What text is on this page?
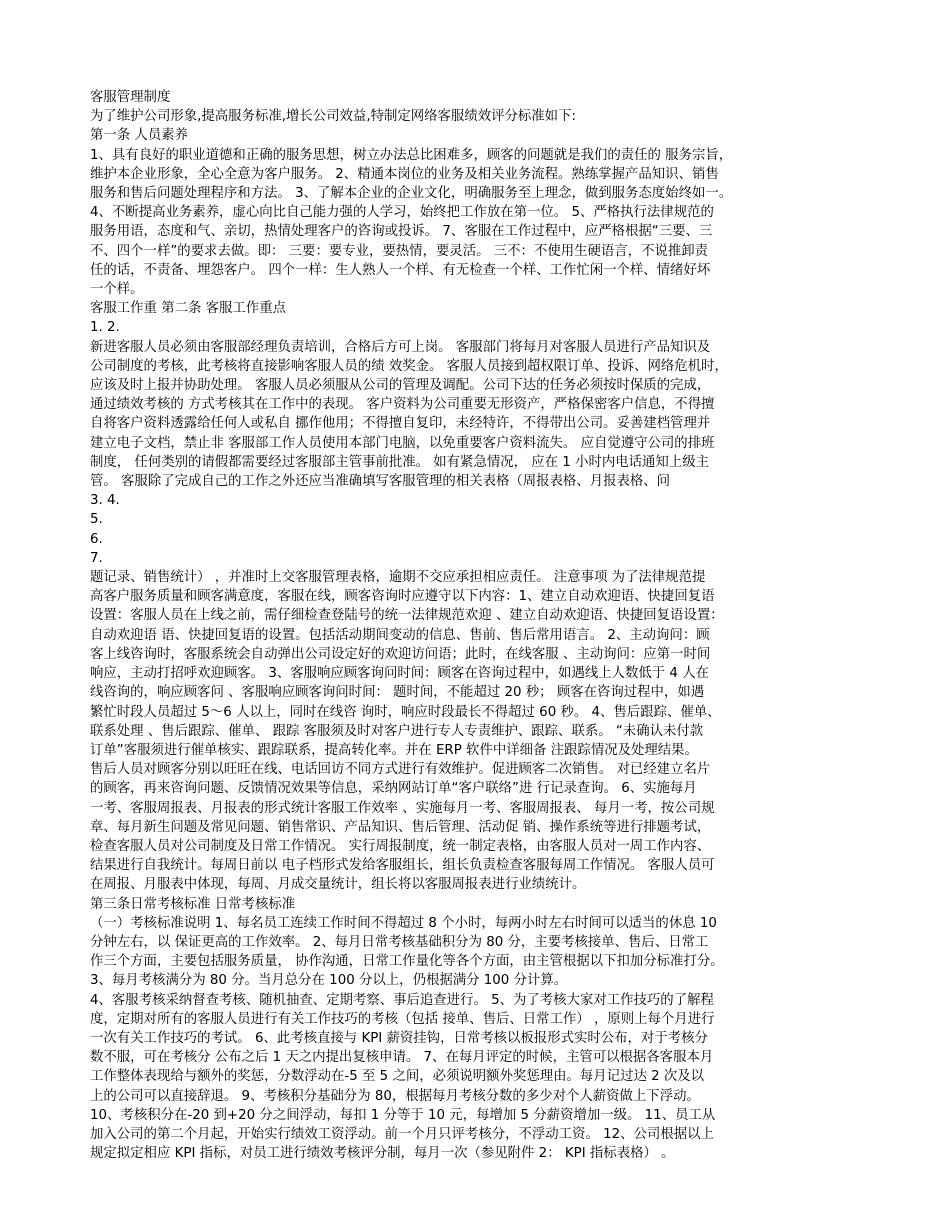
客服管理制度
为了维护公司形象,提高服务标准,增长公司效益,特制定网络客服绩效评分标准如下:
第一条 人员素养
1、具有良好的职业道德和正确的服务思想，树立办法总比困难多，顾客的问题就是我们的责任的 服务宗旨，
维护本企业形象，全心全意为客户服务。 2、精通本岗位的业务及相关业务流程。熟练掌握产品知识、销售
服务和售后问题处理程序和方法。 3、了解本企业的企业文化，明确服务至上理念，做到服务态度始终如一。
4、不断提高业务素养，虚心向比自己能力强的人学习，始终把工作放在第一位。 5、严格执行法律规范的
服务用语，态度和气、亲切，热情处理客户的咨询或投诉。 7、客服在工作过程中，应严格根据“三要、三
不、四个一样”的要求去做。即： 三要：要专业，要热情，要灵活。 三不：不使用生硬语言，不说推卸责
任的话，不责备、埋怨客户。 四个一样：生人熟人一个样、有无检查一个样、工作忙闲一个样、情绪好坏
一个样。
客服工作重 第二条 客服工作重点
1. 2.
新进客服人员必须由客服部经理负责培训，合格后方可上岗。 客服部门将每月对客服人员进行产品知识及
公司制度的考核，此考核将直接影响客服人员的绩 效奖金。 客服人员接到超权限订单、投诉、网络危机时，
应该及时上报并协助处理。 客服人员必须服从公司的管理及调配。公司下达的任务必须按时保质的完成，
通过绩效考核的 方式考核其在工作中的表现。 客户资料为公司重要无形资产，严格保密客户信息，不得擅
自将客户资料透露给任何人或私自 挪作他用；不得擅自复印，未经特许，不得带出公司。妥善建档管理并
建立电子文档，禁止非 客服部工作人员使用本部门电脑，以免重要客户资料流失。 应自觉遵守公司的排班
制度， 任何类别的请假都需要经过客服部主管事前批准。 如有紧急情况， 应在 1 小时内电话通知上级主
管。 客服除了完成自己的工作之外还应当准确填写客服管理的相关表格（周报表格、月报表格、问
3. 4.
5.
6.
7.
题记录、销售统计） ，并准时上交客服管理表格，逾期不交应承担相应责任。 注意事项 为了法律规范提
高客户服务质量和顾客满意度，客服在线，顾客咨询时应遵守以下内容：1、建立自动欢迎语、快捷回复语
设置：客服人员在上线之前，需仔细检查登陆号的统一法律规范欢迎 、建立自动欢迎语、快捷回复语设置：
自动欢迎语 语、快捷回复语的设置。包括活动期间变动的信息、售前、售后常用语言。 2、主动询问：顾
客上线咨询时，客服系统会自动弹出公司设定好的欢迎访问语；此时，在线客服 、主动询问：应第一时间
响应，主动打招呼欢迎顾客。 3、客服响应顾客询问时间：顾客在咨询过程中，如遇线上人数低于 4 人在
线咨询的，响应顾客问 、客服响应顾客询问时间： 题时间，不能超过 20 秒； 顾客在咨询过程中，如遇
繁忙时段人员超过 5～6 人以上，同时在线咨 询时，响应时段最长不得超过 60 秒。 4、售后跟踪、催单、
联系处理 、售后跟踪、催单、 跟踪 客服须及时对客户进行专人专责维护、跟踪、联系。 “未确认未付款
订单”客服须进行催单核实、跟踪联系，提高转化率。并在 ERP 软件中详细备 注跟踪情况及处理结果。
售后人员对顾客分别以旺旺在线、电话回访不同方式进行有效维护。促进顾客二次销售。 对已经建立名片
的顾客，再来咨询问题、反馈情况效果等信息，采纳网站订单“客户联络”进 行记录查询。 6、实施每月
一考、客服周报表、月报表的形式统计客服工作效率 、实施每月一考、客服周报表、 每月一考，按公司规
章、每月新生问题及常见问题、销售常识、产品知识、售后管理、活动促 销、操作系统等进行排题考试，
检查客服人员对公司制度及日常工作情况。 实行周报制度，统一制定表格，由客服人员对一周工作内容、
结果进行自我统计。每周日前以 电子档形式发给客服组长，组长负责检查客服每周工作情况。 客服人员可
在周报、月服表中体现，每周、月成交量统计，组长将以客服周报表进行业绩统计。
第三条日常考核标准 日常考核标准
（一）考核标准说明 1、每名员工连续工作时间不得超过 8 个小时，每两小时左右时间可以适当的休息 10
分钟左右，以 保证更高的工作效率。 2、每月日常考核基础积分为 80 分，主要考核接单、售后、日常工
作三个方面，主要包括服务质量， 协作沟通，日常工作量化等各个方面，由主管根据以下扣加分标准打分。
3、每月考核满分为 80 分。当月总分在 100 分以上，仍根据满分 100 分计算。
4、客服考核采纳督查考核、随机抽查、定期考察、事后追查进行。 5、为了考核大家对工作技巧的了解程
度，定期对所有的客服人员进行有关工作技巧的考核（包括 接单、售后、日常工作） ，原则上每个月进行
一次有关工作技巧的考试。 6、此考核直接与 KPI 薪资挂钩，日常考核以板报形式实时公布，对于考核分
数不服，可在考核分 公布之后 1 天之内提出复核申请。 7、在每月评定的时候，主管可以根据各客服本月
工作整体表现给与额外的奖惩，分数浮动在-5 至 5 之间，必须说明额外奖惩理由。每月记过达 2 次及以
上的公司可以直接辞退。 9、考核积分基础分为 80，根据每月考核分数的多少对个人薪资做上下浮动。
10、考核积分在-20 到+20 分之间浮动，每扣 1 分等于 10 元，每增加 5 分薪资增加一级。 11、员工从
加入公司的第二个月起，开始实行绩效工资浮动。前一个月只评考核分，不浮动工资。 12、公司根据以上
规定拟定相应 KPI 指标，对员工进行绩效考核评分制，每月一次（参见附件 2： KPI 指标表格） 。
